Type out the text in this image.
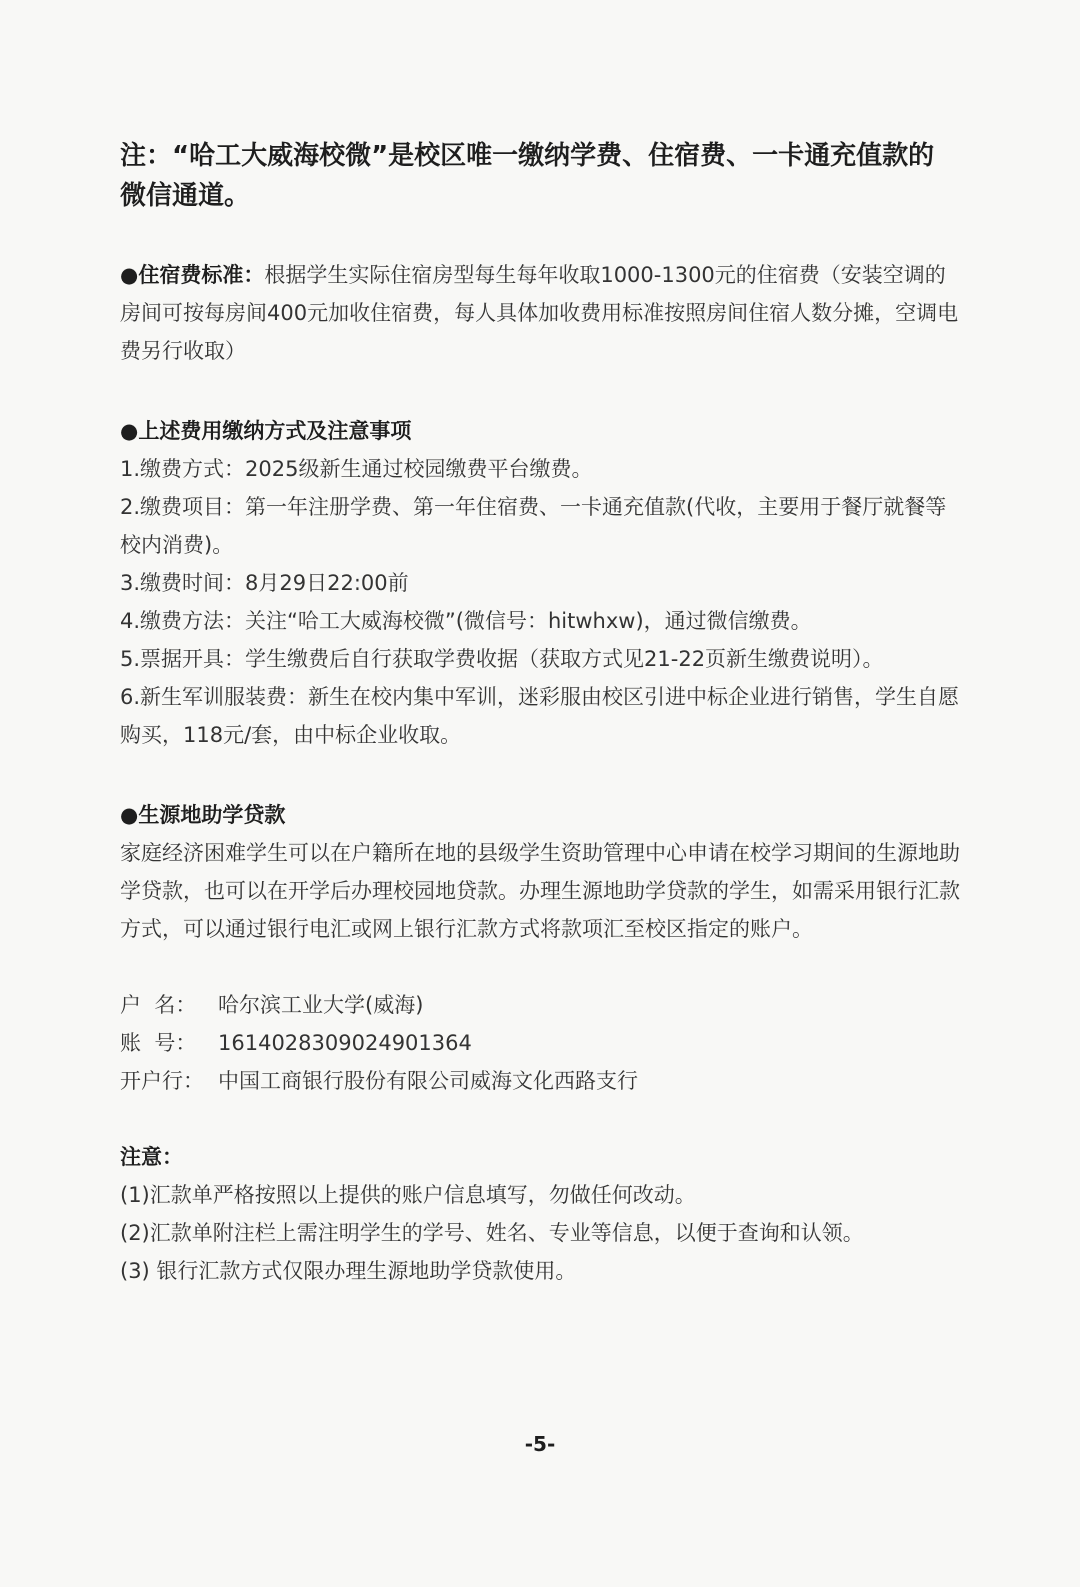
注：“哈工大威海校微”是校区唯一缴纳学费、住宿费、一卡通充值款的微信通道。

●住宿费标准：根据学生实际住宿房型每生每年收取1000-1300元的住宿费（安装空调的房间可按每房间400元加收住宿费，每人具体加收费用标准按照房间住宿人数分摊，空调电费另行收取）

●上述费用缴纳方式及注意事项

1.缴费方式：2025级新生通过校园缴费平台缴费。

2.缴费项目：第一年注册学费、第一年住宿费、一卡通充值款(代收，主要用于餐厅就餐等校内消费)。

3.缴费时间：8月29日22:00前

4.缴费方法：关注“哈工大威海校微”(微信号：hitwhxw)，通过微信缴费。

5.票据开具：学生缴费后自行获取学费收据（获取方式见21-22页新生缴费说明）。

6.新生军训服装费：新生在校内集中军训，迷彩服由校区引进中标企业进行销售，学生自愿购买，118元/套，由中标企业收取。

●生源地助学贷款

家庭经济困难学生可以在户籍所在地的县级学生资助管理中心申请在校学习期间的生源地助学贷款，也可以在开学后办理校园地贷款。办理生源地助学贷款的学生，如需采用银行汇款方式，可以通过银行电汇或网上银行汇款方式将款项汇至校区指定的账户。

户  名：	哈尔滨工业大学(威海)
账  号：	1614028309024901364
开户行： 中国工商银行股份有限公司威海文化西路支行
注意：

(1)汇款单严格按照以上提供的账户信息填写，勿做任何改动。

(2)汇款单附注栏上需注明学生的学号、姓名、专业等信息，以便于查询和认领。

(3) 银行汇款方式仅限办理生源地助学贷款使用。

-5-
